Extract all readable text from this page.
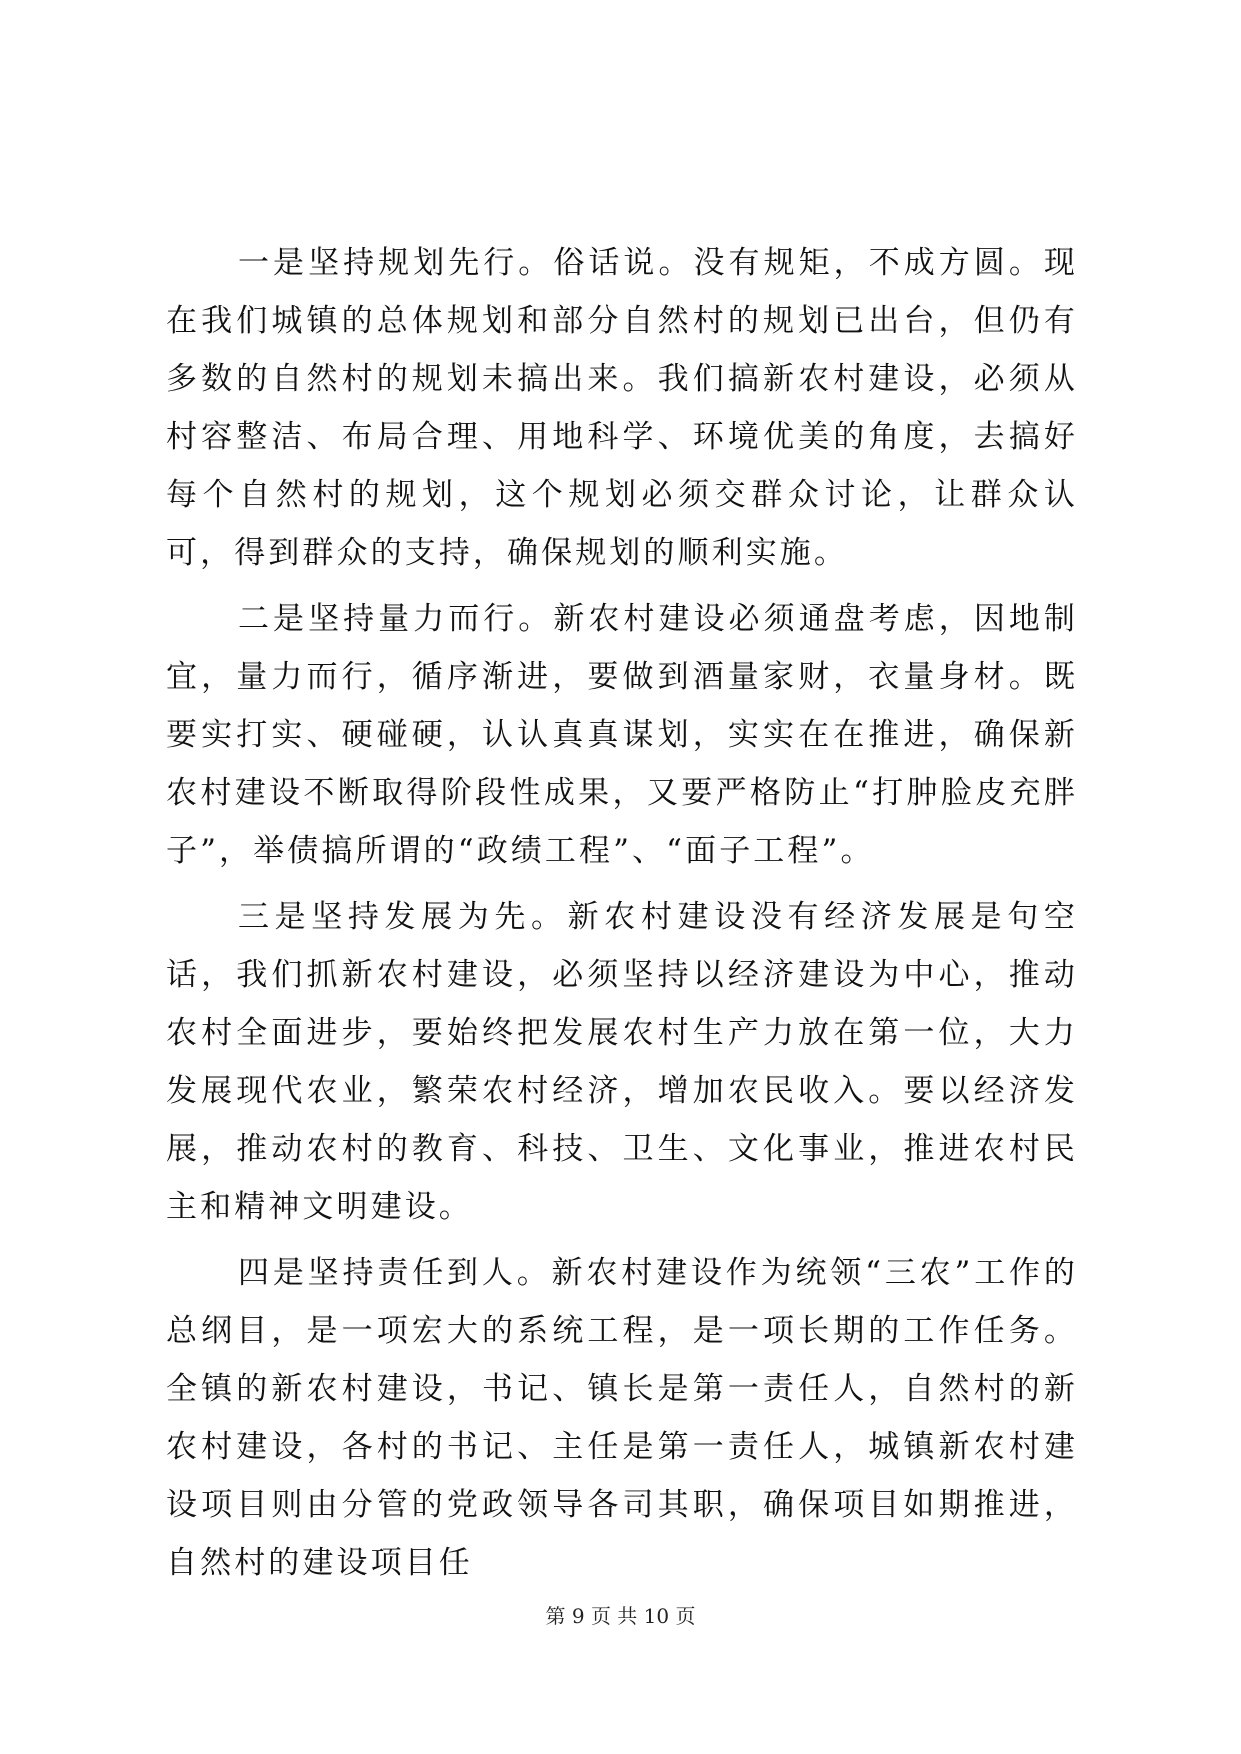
一是坚持规划先行。俗话说。没有规矩，不成方圆。现在我们城镇的总体规划和部分自然村的规划已出台，但仍有多数的自然村的规划未搞出来。我们搞新农村建设，必须从村容整洁、布局合理、用地科学、环境优美的角度，去搞好每个自然村的规划，这个规划必须交群众讨论，让群众认可，得到群众的支持，确保规划的顺利实施。

二是坚持量力而行。新农村建设必须通盘考虑，因地制宜，量力而行，循序渐进，要做到酒量家财，衣量身材。既要实打实、硬碰硬，认认真真谋划，实实在在推进，确保新农村建设不断取得阶段性成果，又要严格防止“打肿脸皮充胖子”，举债搞所谓的“政绩工程”、“面子工程”。

三是坚持发展为先。新农村建设没有经济发展是句空话，我们抓新农村建设，必须坚持以经济建设为中心，推动农村全面进步，要始终把发展农村生产力放在第一位，大力发展现代农业，繁荣农村经济，增加农民收入。要以经济发展，推动农村的教育、科技、卫生、文化事业，推进农村民主和精神文明建设。

四是坚持责任到人。新农村建设作为统领“三农”工作的总纲目，是一项宏大的系统工程，是一项长期的工作任务。全镇的新农村建设，书记、镇长是第一责任人，自然村的新农村建设，各村的书记、主任是第一责任人，城镇新农村建设项目则由分管的党政领导各司其职，确保项目如期推进，自然村的建设项目任

第 9 页 共 10 页
